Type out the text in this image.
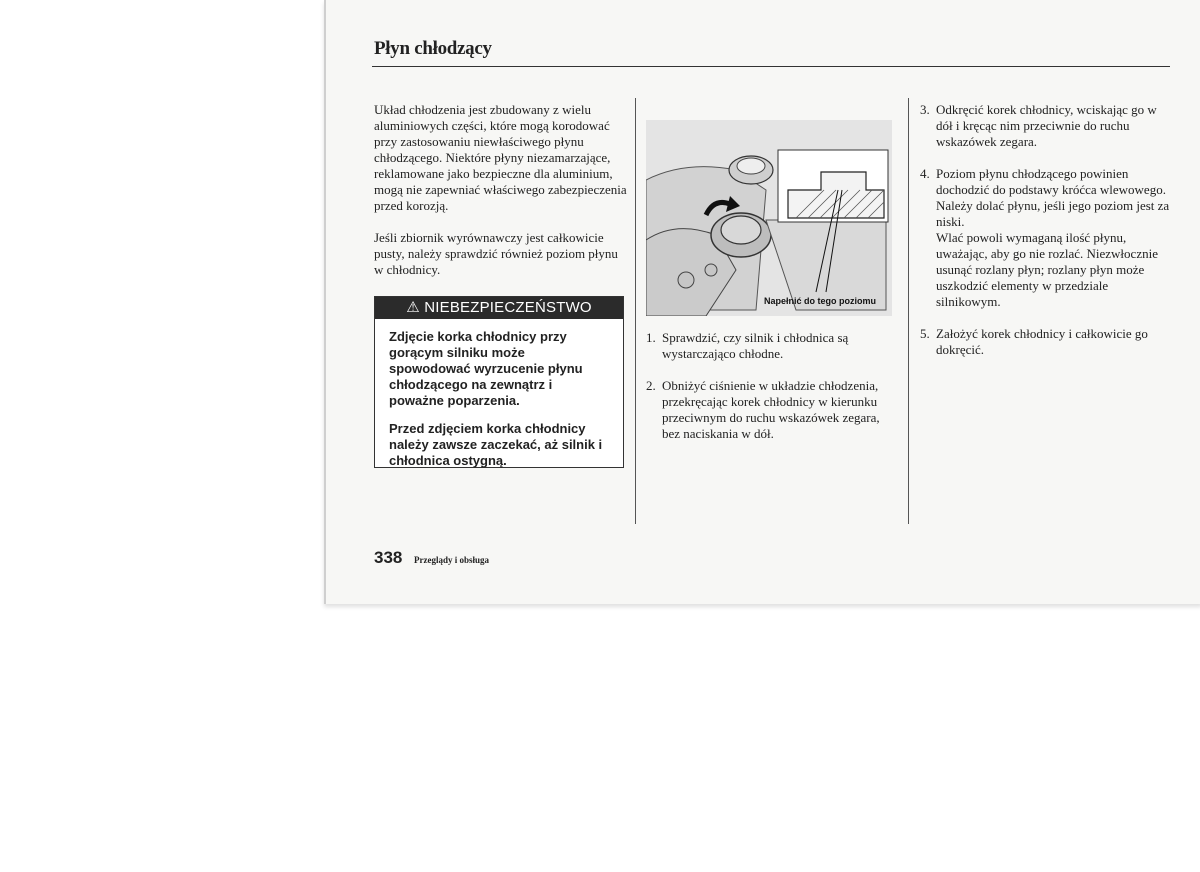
Płyn chłodzący

Układ chłodzenia jest zbudowany z wielu aluminiowych części, które mogą korodować przy zastosowaniu niewłaściwego płynu chłodzącego. Niektóre płyny niezamarzające, reklamowane jako bezpieczne dla aluminium, mogą nie zapewniać właściwego zabezpieczenia przed korozją.

Jeśli zbiornik wyrównawczy jest całkowicie pusty, należy sprawdzić również poziom płynu w chłodnicy.

⚠ NIEBEZPIECZEŃSTWO

Zdjęcie korka chłodnicy przy gorącym silniku może spowodować wyrzucenie płynu chłodzącego na zewnątrz i poważne poparzenia.

Przed zdjęciem korka chłodnicy należy zawsze zaczekać, aż silnik i chłodnica ostygną.

Napełnić do tego poziomu
1. Sprawdzić, czy silnik i chłodnica są wystarczająco chłodne.
2. Obniżyć ciśnienie w układzie chłodzenia, przekręcając korek chłodnicy w kierunku przeciwnym do ruchu wskazówek zegara, bez naciskania w dół.
3. Odkręcić korek chłodnicy, wciskając go w dół i kręcąc nim przeciwnie do ruchu wskazówek zegara.
4. Poziom płynu chłodzącego powinien dochodzić do podstawy króćca wlewowego. Należy dolać płynu, jeśli jego poziom jest za niski.
Wlać powoli wymaganą ilość płynu, uważając, aby go nie rozlać. Niezwłocznie usunąć rozlany płyn; rozlany płyn może uszkodzić elementy w przedziale silnikowym.
5. Założyć korek chłodnicy i całkowicie go dokręcić.
338 Przeglądy i obsługa
